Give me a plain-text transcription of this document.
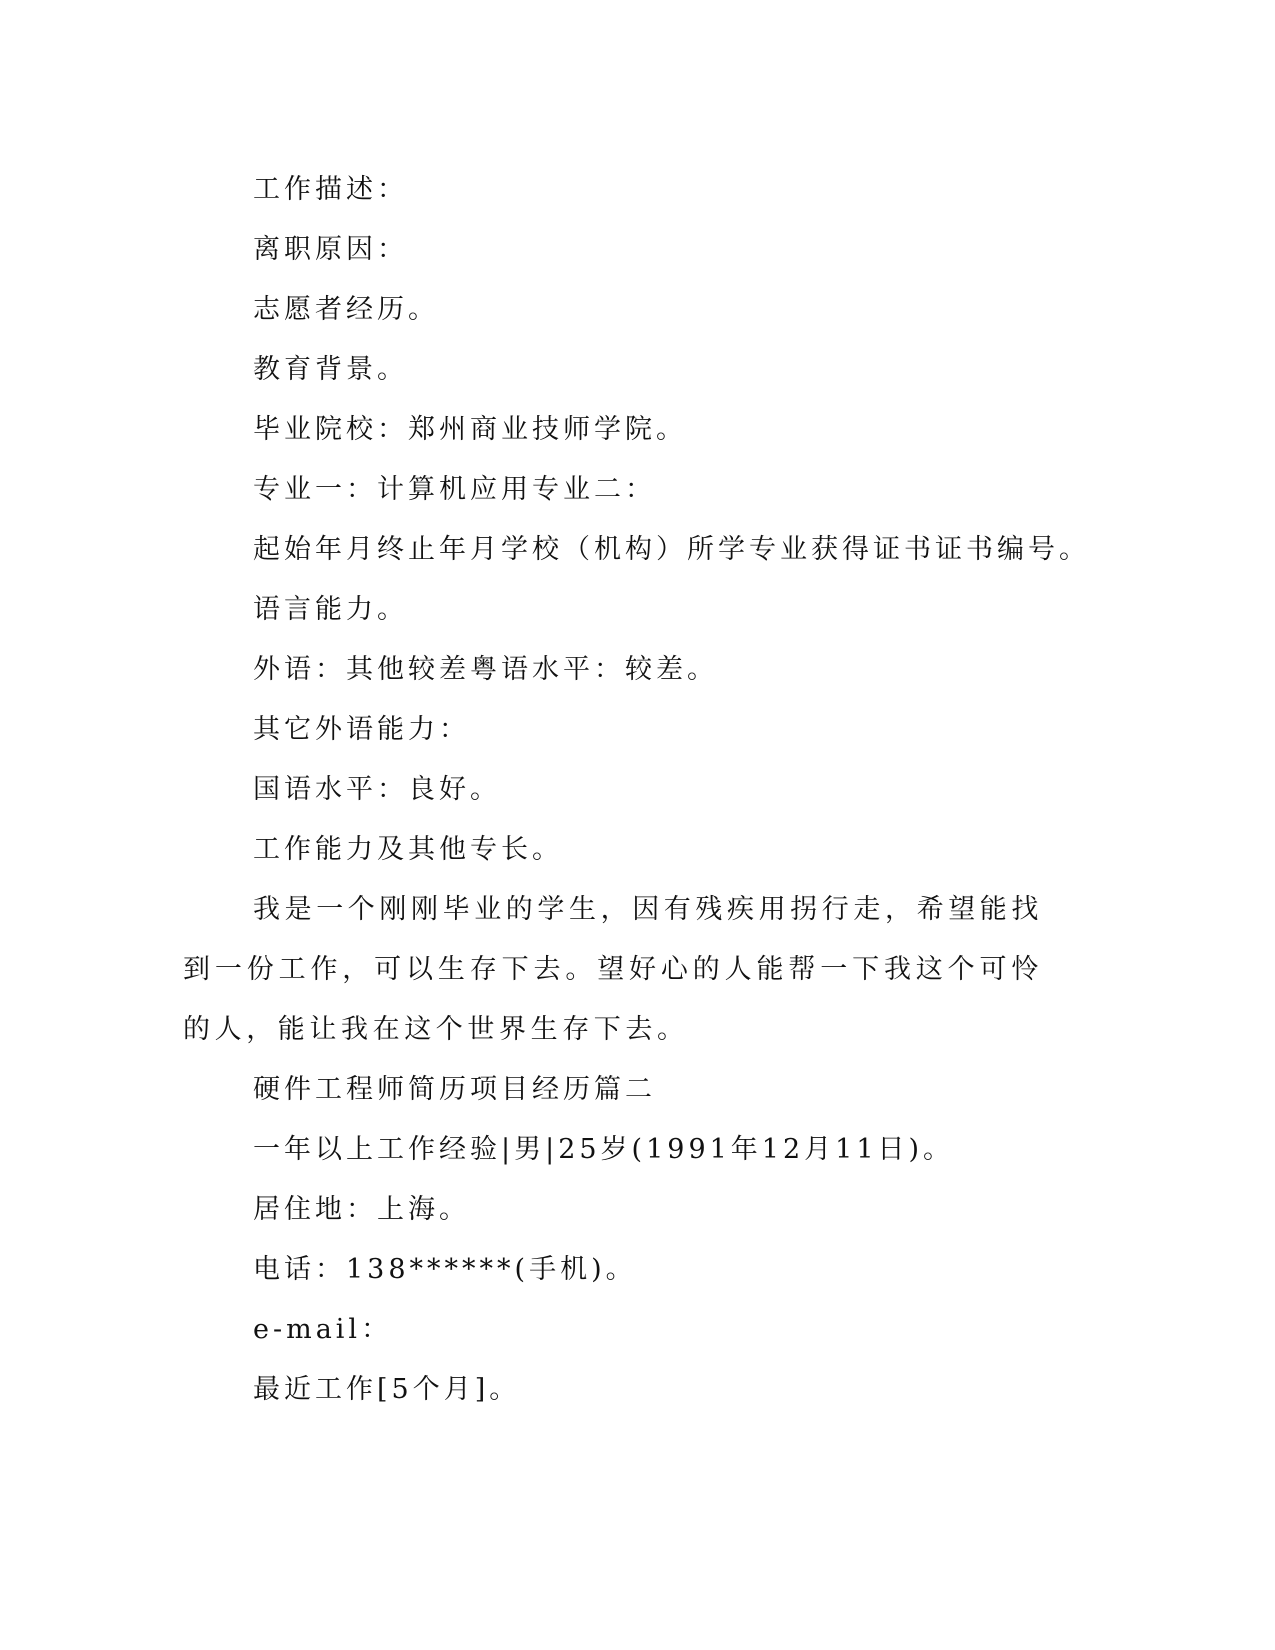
工作描述：

离职原因：

志愿者经历。

教育背景。

毕业院校：郑州商业技师学院。

专业一：计算机应用专业二：

起始年月终止年月学校（机构）所学专业获得证书证书编号。

语言能力。

外语：其他较差粤语水平：较差。

其它外语能力：

国语水平：良好。

工作能力及其他专长。

我是一个刚刚毕业的学生，因有残疾用拐行走，希望能找到一份工作，可以生存下去。望好心的人能帮一下我这个可怜的人，能让我在这个世界生存下去。

硬件工程师简历项目经历篇二

一年以上工作经验|男|25岁(1991年12月11日)。

居住地：上海。

电话：138******(手机)。

e-mail：

最近工作[5个月]。
